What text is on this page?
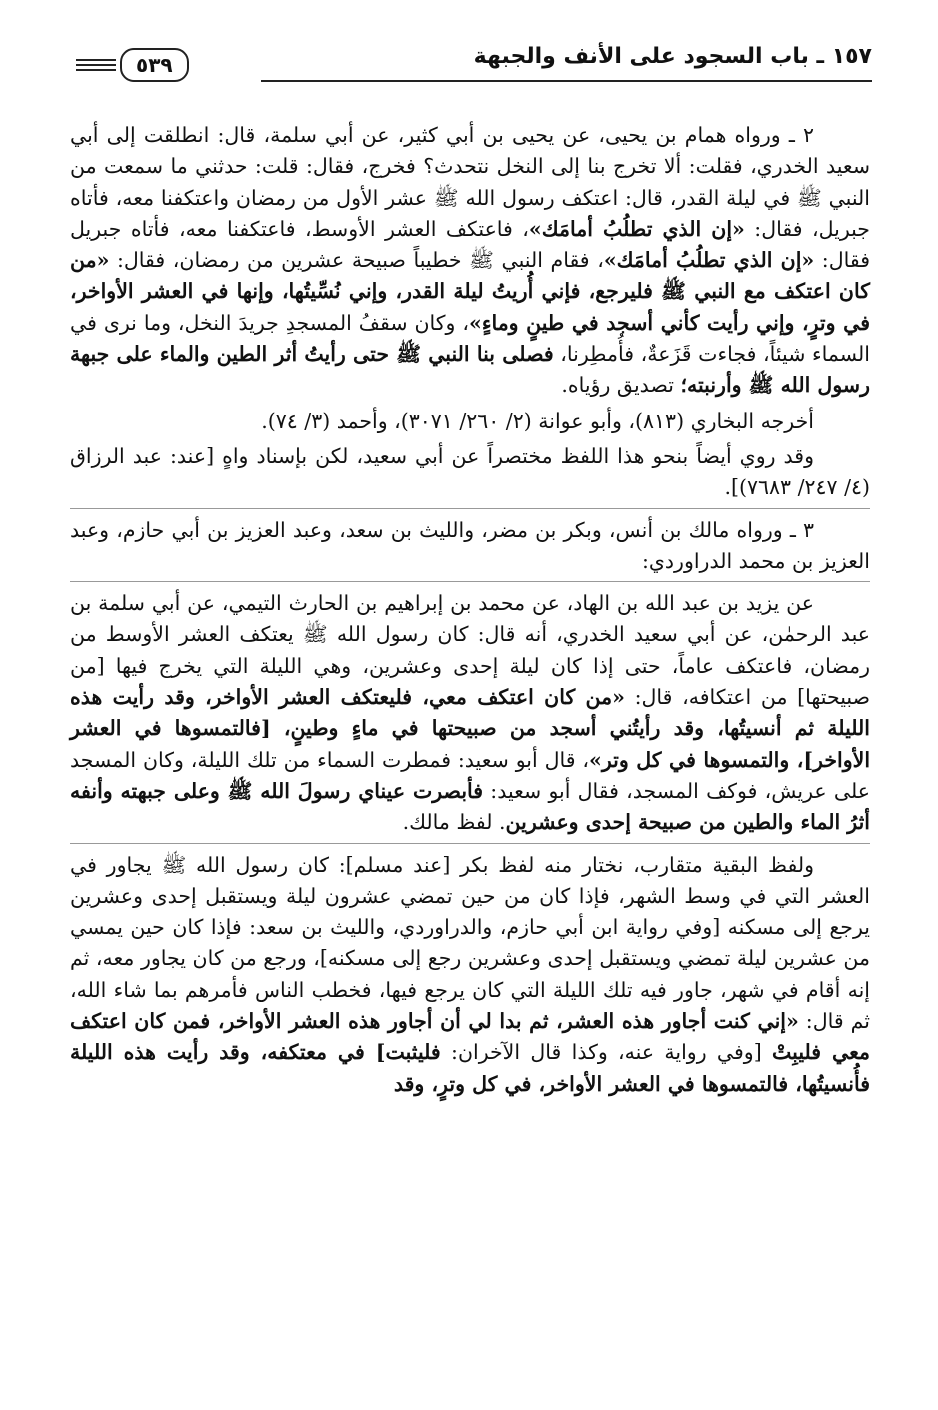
٥٣٩	١٥٧ ـ باب السجود على الأنف والجبهة

٢ ـ ورواه همام بن يحيى، عن يحيى بن أبي كثير، عن أبي سلمة، قال: انطلقت إلى أبي سعيد الخدري، فقلت: ألا تخرج بنا إلى النخل نتحدث؟ فخرج، فقال: قلت: حدثني ما سمعت من النبي ﷺ في ليلة القدر، قال: اعتكف رسول الله ﷺ عشر الأول من رمضان واعتكفنا معه، فأتاه جبريل، فقال: «إن الذي تطلُبُ أمامَك»، فاعتكف العشر الأوسط، فاعتكفنا معه، فأتاه جبريل فقال: «إن الذي تطلُبُ أمامَك»، فقام النبي ﷺ خطيباً صبيحة عشرين من رمضان، فقال: «من كان اعتكف مع النبي ﷺ فليرجع، فإني أُريتُ ليلة القدر، وإني نُسِّيتُها، وإنها في العشر الأواخر، في وترٍ، وإني رأيت كأني أسجد في طينٍ وماءٍ»، وكان سقفُ المسجدِ جريدَ النخل، وما نرى في السماء شيئاً، فجاءت قَزَعةٌ، فأُمطِرنا، فصلى بنا النبي ﷺ حتى رأيتُ أثر الطين والماء على جبهة رسول الله ﷺ وأرنبته؛ تصديق رؤياه.

أخرجه البخاري (٨١٣)، وأبو عوانة (٢/ ٢٦٠/ ٣٠٧١)، وأحمد (٣/ ٧٤).

وقد روي أيضاً بنحو هذا اللفظ مختصراً عن أبي سعيد، لكن بإسناد واهٍ [عند: عبد الرزاق (٤/ ٢٤٧/ ٧٦٨٣)].

٣ ـ ورواه مالك بن أنس، وبكر بن مضر، والليث بن سعد، وعبد العزيز بن أبي حازم، وعبد العزيز بن محمد الدراوردي:

عن يزيد بن عبد الله بن الهاد، عن محمد بن إبراهيم بن الحارث التيمي، عن أبي سلمة بن عبد الرحمٰن، عن أبي سعيد الخدري، أنه قال: كان رسول الله ﷺ يعتكف العشر الأوسط من رمضان، فاعتكف عاماً، حتى إذا كان ليلة إحدى وعشرين، وهي الليلة التي يخرج فيها [من صبيحتها] من اعتكافه، قال: «من كان اعتكف معي، فليعتكف العشر الأواخر، وقد رأيت هذه الليلة ثم أنسيتُها، وقد رأيتُني أسجد من صبيحتها في ماءٍ وطينٍ، [فالتمسوها في العشر الأواخر]، والتمسوها في كل وتر»، قال أبو سعيد: فمطرت السماء من تلك الليلة، وكان المسجد على عريش، فوكف المسجد، فقال أبو سعيد: فأبصرت عيناي رسولَ الله ﷺ وعلى جبهته وأنفه أثرُ الماء والطين من صبيحة إحدى وعشرين. لفظ مالك.

ولفظ البقية متقارب، نختار منه لفظ بكر [عند مسلم]: كان رسول الله ﷺ يجاور في العشر التي في وسط الشهر، فإذا كان من حين تمضي عشرون ليلة ويستقبل إحدى وعشرين يرجع إلى مسكنه [وفي رواية ابن أبي حازم، والدراوردي، والليث بن سعد: فإذا كان حين يمسي من عشرين ليلة تمضي ويستقبل إحدى وعشرين رجع إلى مسكنه]، ورجع من كان يجاور معه، ثم إنه أقام في شهر، جاور فيه تلك الليلة التي كان يرجع فيها، فخطب الناس فأمرهم بما شاء الله، ثم قال: «إني كنت أجاور هذه العشر، ثم بدا لي أن أجاور هذه العشر الأواخر، فمن كان اعتكف معي فليبِتْ [وفي رواية عنه، وكذا قال الآخران: فليثبت] في معتكفه، وقد رأيت هذه الليلة فأُنسيتُها، فالتمسوها في العشر الأواخر، في كل وترٍ، وقد
